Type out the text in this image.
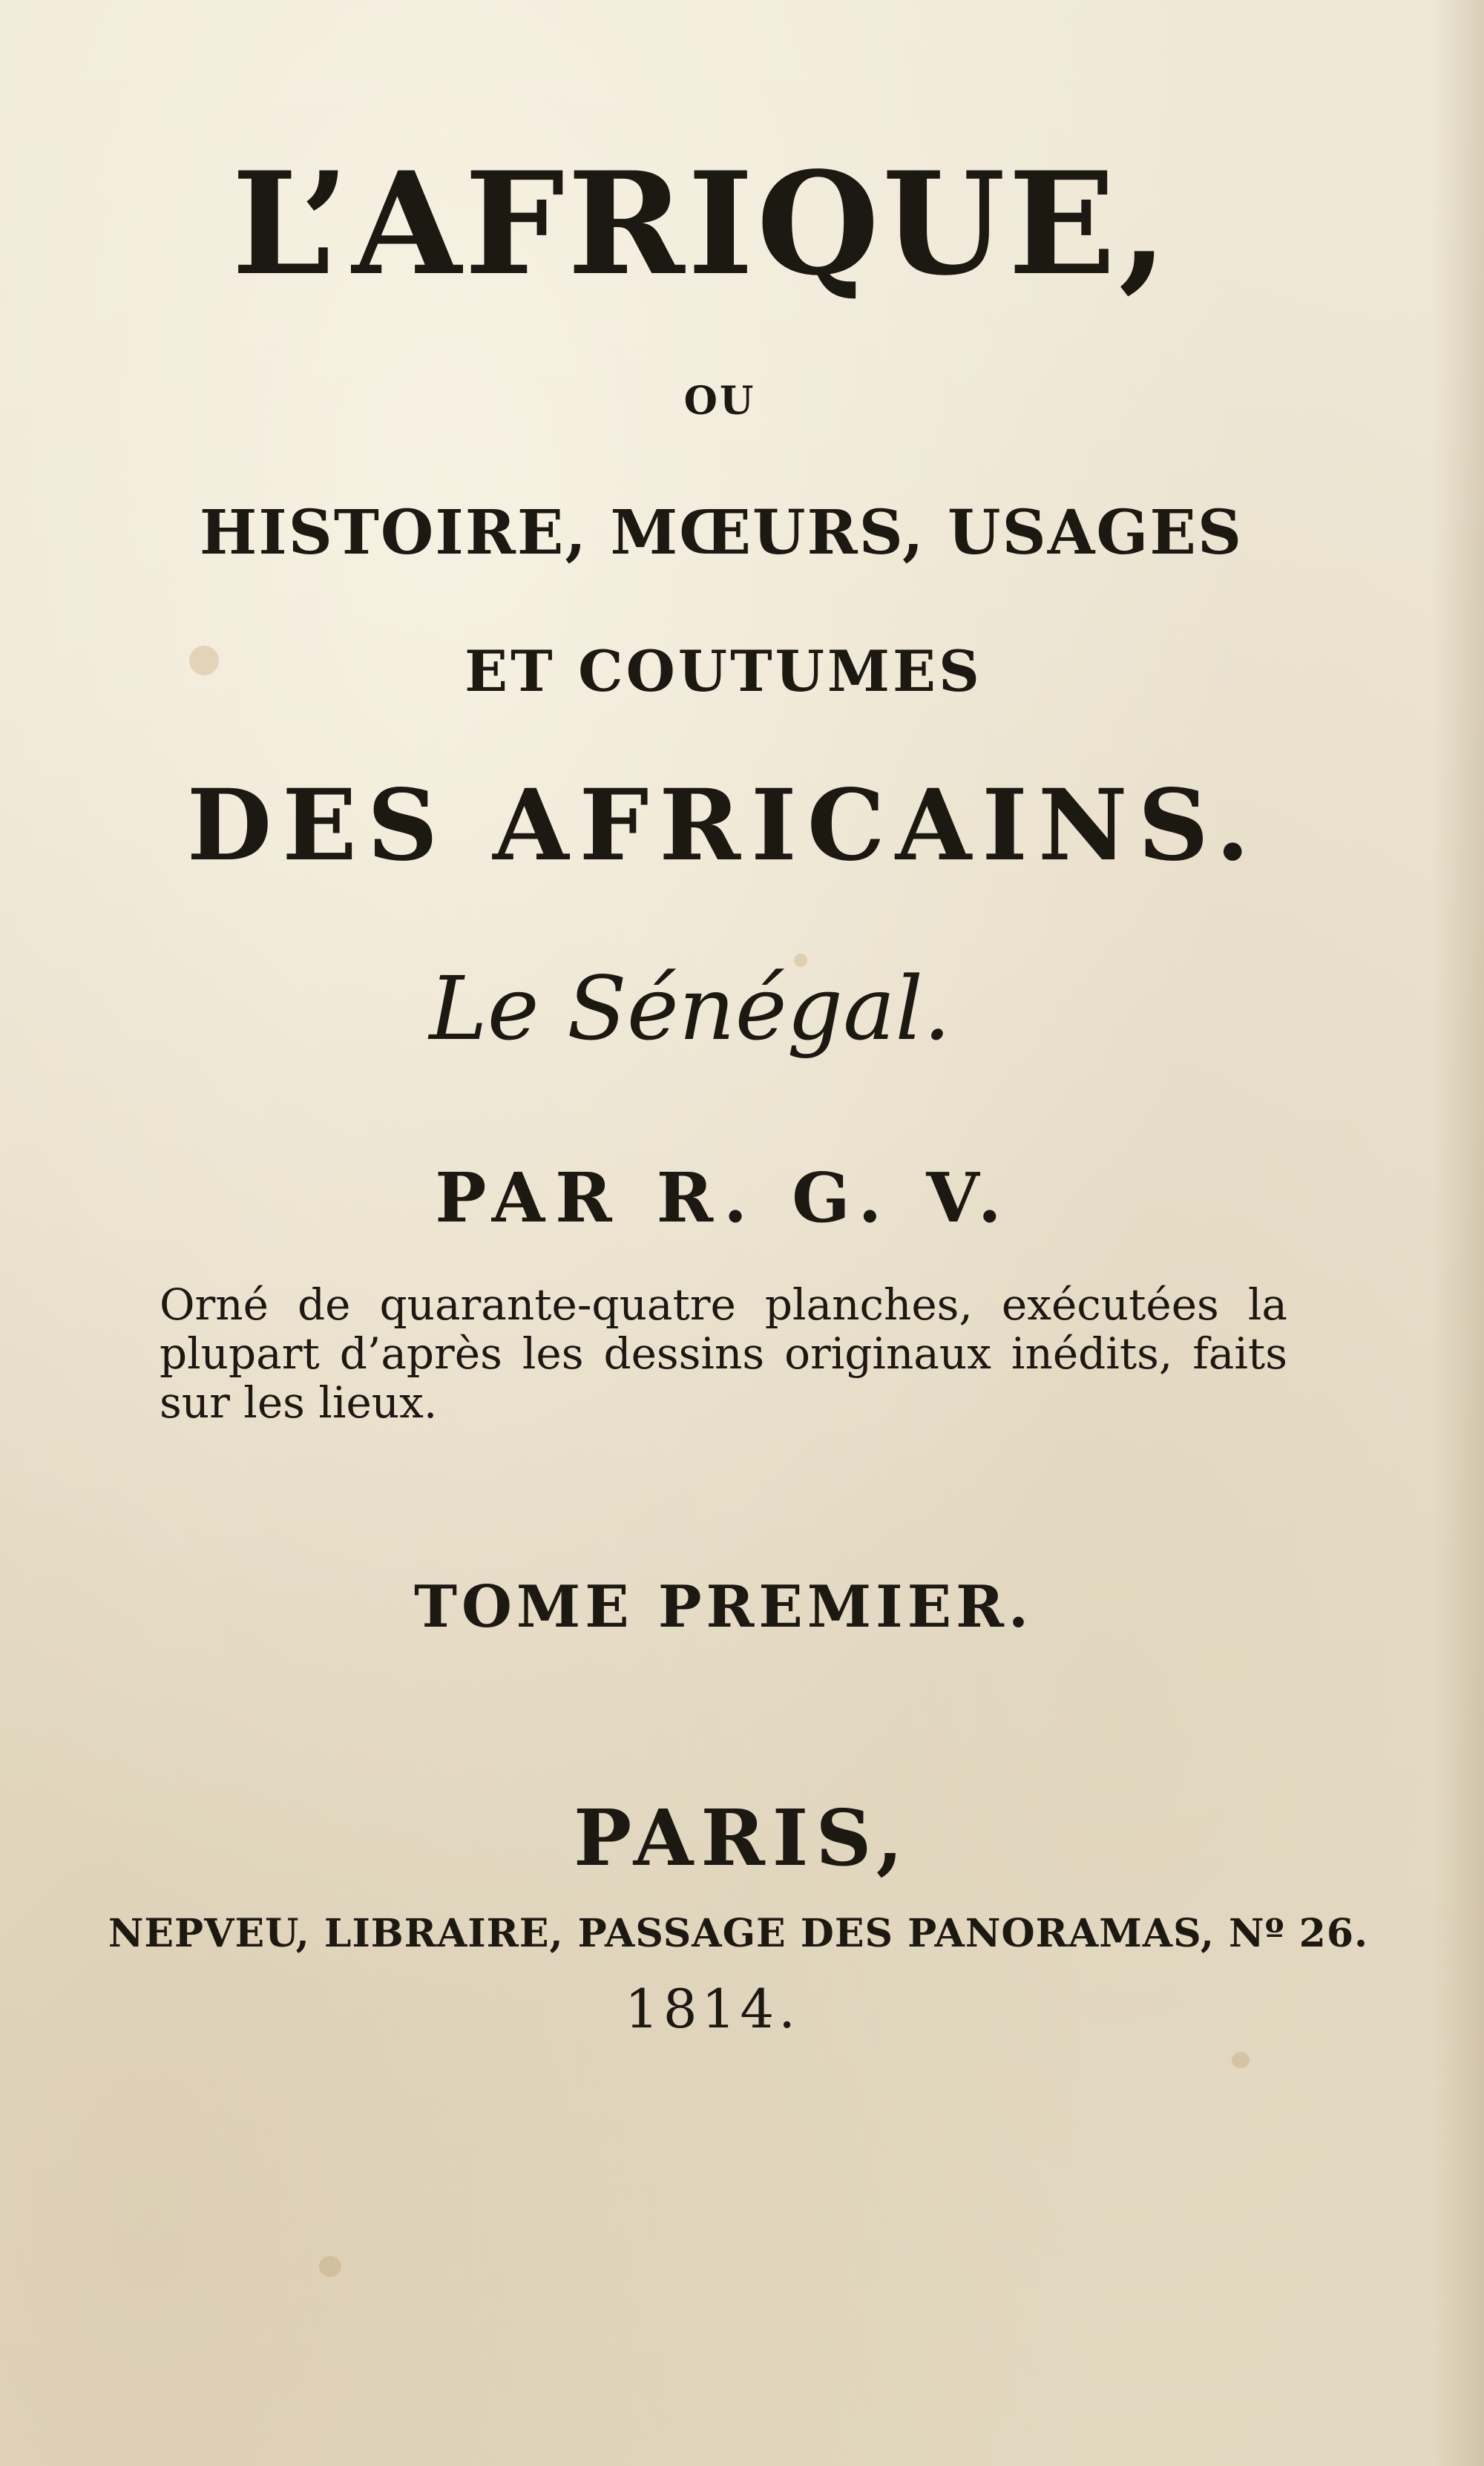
L’AFRIQUE,
OU
HISTOIRE, MŒURS, USAGES
ET COUTUMES
DES AFRICAINS.
Le Sénégal.
PAR R. G. V.
Orné de quarante-quatre planches, exécutées la plupart d’après les dessins originaux inédits, faits sur les lieux.
TOME PREMIER.
PARIS,
NEPVEU, LIBRAIRE, PASSAGE DES PANORAMAS, Nº 26.
1814.
